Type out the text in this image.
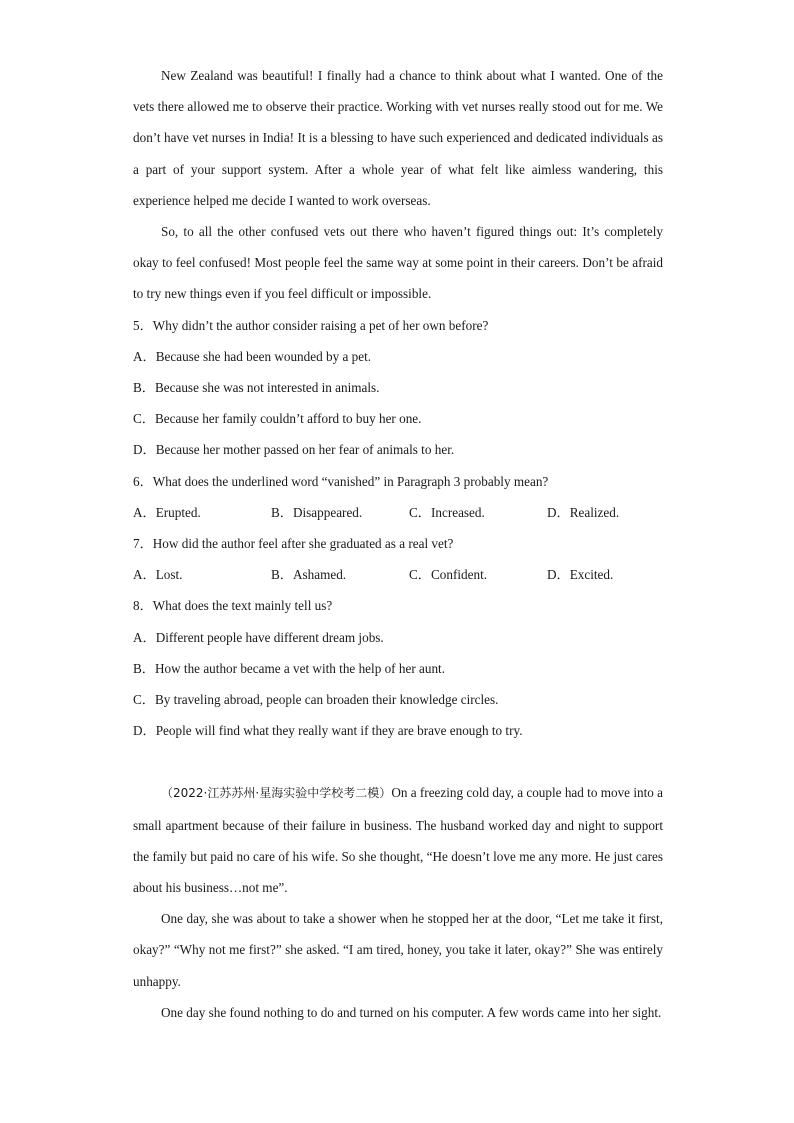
New Zealand was beautiful! I finally had a chance to think about what I wanted. One of the vets there allowed me to observe their practice. Working with vet nurses really stood out for me. We don’t have vet nurses in India! It is a blessing to have such experienced and dedicated individuals as a part of your support system. After a whole year of what felt like aimless wandering, this experience helped me decide I wanted to work overseas.

So, to all the other confused vets out there who haven’t figured things out: It’s completely okay to feel confused! Most people feel the same way at some point in their careers. Don’t be afraid to try new things even if you feel difficult or impossible.

5．Why didn’t the author consider raising a pet of her own before?

A．Because she had been wounded by a pet.

B．Because she was not interested in animals.

C．Because her family couldn’t afford to buy her one.

D．Because her mother passed on her fear of animals to her.

6．What does the underlined word “vanished” in Paragraph 3 probably mean?

A．Erupted.	B．Disappeared.	C．Increased.	D．Realized.

7．How did the author feel after she graduated as a real vet?

A．Lost.	B．Ashamed.	C．Confident.	D．Excited.

8．What does the text mainly tell us?

A．Different people have different dream jobs.

B．How the author became a vet with the help of her aunt.

C．By traveling abroad, people can broaden their knowledge circles.

D．People will find what they really want if they are brave enough to try.

（2022·江苏苏州·星海实验中学校考二模）On a freezing cold day, a couple had to move into a small apartment because of their failure in business. The husband worked day and night to support the family but paid no care of his wife. So she thought, “He doesn’t love me any more. He just cares about his business…not me”.

One day, she was about to take a shower when he stopped her at the door, “Let me take it first, okay?” “Why not me first?” she asked. “I am tired, honey, you take it later, okay?” She was entirely unhappy.

One day she found nothing to do and turned on his computer. A few words came into her sight.
